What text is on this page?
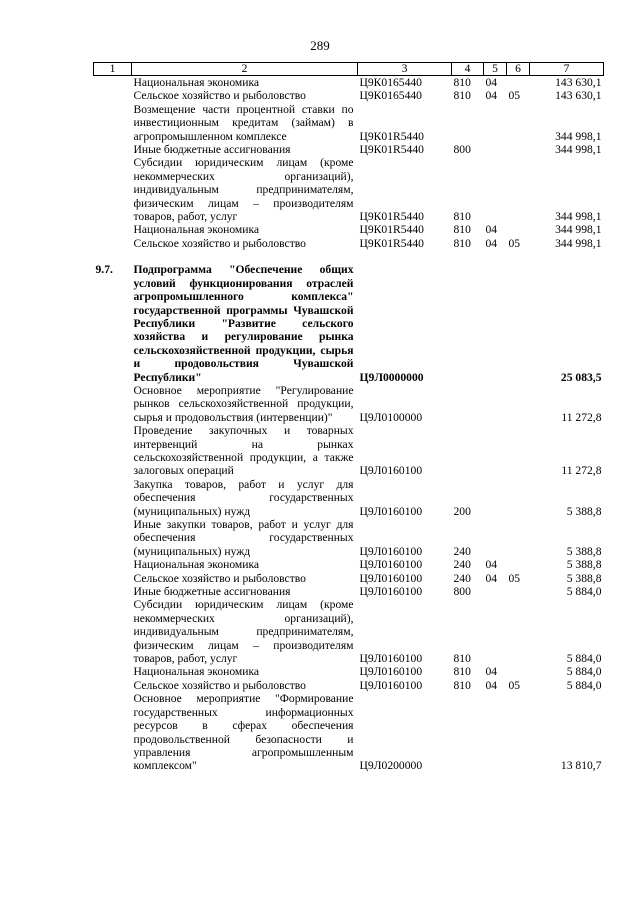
289
1	2	3	4	5	6	7
	Национальная экономика	Ц9К0165440	810	04		143 630,1
	Сельское хозяйство и рыболовство	Ц9К0165440	810	04	05	143 630,1
	Возмещение части процентной ставки по инвестиционным кредитам (займам) в агропромышленном комплексе	Ц9К01R5440				344 998,1
	Иные бюджетные ассигнования	Ц9К01R5440	800			344 998,1
	Субсидии юридическим лицам (кроме некоммерческих организаций), индивидуальным предпринимателям, физическим лицам – производителям товаров, работ, услуг	Ц9К01R5440	810			344 998,1
	Национальная экономика	Ц9К01R5440	810	04		344 998,1
	Сельское хозяйство и рыболовство	Ц9К01R5440	810	04	05	344 998,1

9.7.	Подпрограмма "Обеспечение общих условий функционирования отраслей агропромышленного комплекса" государственной программы Чувашской Республики "Развитие сельского хозяйства и регулирование рынка сельскохозяйственной продукции, сырья и продовольствия Чувашской Республики"	Ц9Л0000000				25 083,5
	Основное мероприятие "Регулирование рынков сельскохозяйственной продукции, сырья и продовольствия (интервенции)"	Ц9Л0100000				11 272,8
	Проведение закупочных и товарных интервенций на рынках сельскохозяйственной продукции, а также залоговых операций	Ц9Л0160100				11 272,8
	Закупка товаров, работ и услуг для обеспечения государственных (муниципальных) нужд	Ц9Л0160100	200			5 388,8
	Иные закупки товаров, работ и услуг для обеспечения государственных (муниципальных) нужд	Ц9Л0160100	240			5 388,8
	Национальная экономика	Ц9Л0160100	240	04		5 388,8
	Сельское хозяйство и рыболовство	Ц9Л0160100	240	04	05	5 388,8
	Иные бюджетные ассигнования	Ц9Л0160100	800			5 884,0
	Субсидии юридическим лицам (кроме некоммерческих организаций), индивидуальным предпринимателям, физическим лицам – производителям товаров, работ, услуг	Ц9Л0160100	810			5 884,0
	Национальная экономика	Ц9Л0160100	810	04		5 884,0
	Сельское хозяйство и рыболовство	Ц9Л0160100	810	04	05	5 884,0
	Основное мероприятие "Формирование государственных информационных ресурсов в сферах обеспечения продовольственной безопасности и управления агропромышленным комплексом"	Ц9Л0200000				13 810,7
